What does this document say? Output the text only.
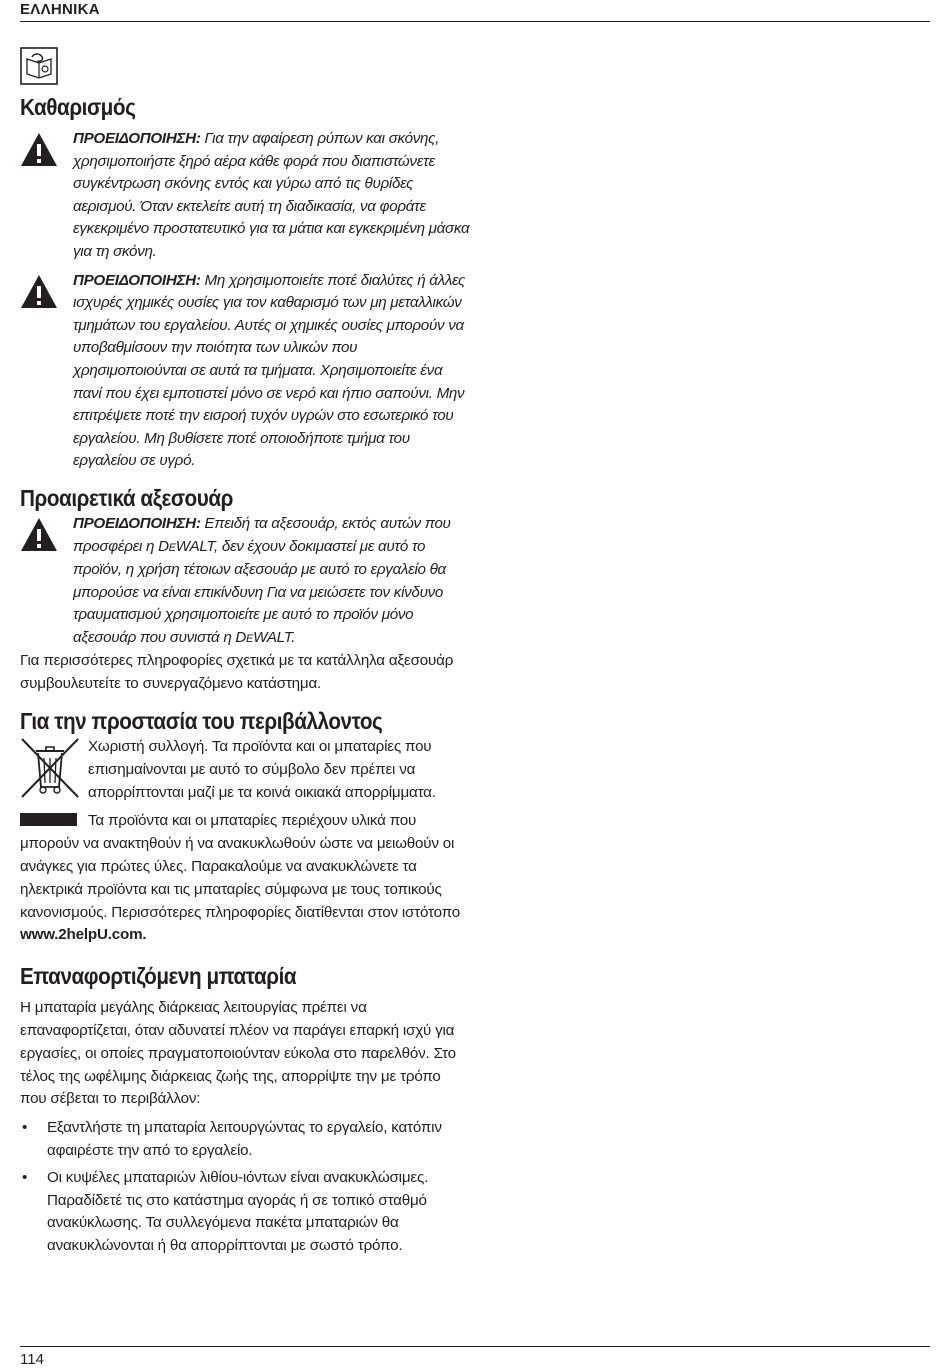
ΕΛΛΗΝΙΚΑ
Καθαρισμός

ΠΡΟΕΙΔΟΠΟΙΗΣΗ: Για την αφαίρεση ρύπων και σκόνης, χρησιμοποιήστε ξηρό αέρα κάθε φορά που διαπιστώνετε συγκέντρωση σκόνης εντός και γύρω από τις θυρίδες αερισμού. Όταν εκτελείτε αυτή τη διαδικασία, να φοράτε εγκεκριμένο προστατευτικό για τα μάτια και εγκεκριμένη μάσκα για τη σκόνη.

ΠΡΟΕΙΔΟΠΟΙΗΣΗ: Μη χρησιμοποιείτε ποτέ διαλύτες ή άλλες ισχυρές χημικές ουσίες για τον καθαρισμό των μη μεταλλικών τμημάτων του εργαλείου. Αυτές οι χημικές ουσίες μπορούν να υποβαθμίσουν την ποιότητα των υλικών που χρησιμοποιούνται σε αυτά τα τμήματα. Χρησιμοποιείτε ένα πανί που έχει εμποτιστεί μόνο σε νερό και ήπιο σαπούνι. Μην επιτρέψετε ποτέ την εισροή τυχόν υγρών στο εσωτερικό του εργαλείου. Μη βυθίσετε ποτέ οποιοδήποτε τμήμα του εργαλείου σε υγρό.

Προαιρετικά αξεσουάρ

ΠΡΟΕΙΔΟΠΟΙΗΣΗ: Επειδή τα αξεσουάρ, εκτός αυτών που προσφέρει η DEWALT, δεν έχουν δοκιμαστεί με αυτό το προϊόν, η χρήση τέτοιων αξεσουάρ με αυτό το εργαλείο θα μπορούσε να είναι επικίνδυνη Για να μειώσετε τον κίνδυνο τραυματισμού χρησιμοποιείτε με αυτό το προϊόν μόνο αξεσουάρ που συνιστά η DEWALT.

Για περισσότερες πληροφορίες σχετικά με τα κατάλληλα αξεσουάρ συμβουλευτείτε το συνεργαζόμενο κατάστημα.

Για την προστασία του περιβάλλοντος

Χωριστή συλλογή. Τα προϊόντα και οι μπαταρίες που επισημαίνονται με αυτό το σύμβολο δεν πρέπει να απορρίπτονται μαζί με τα κοινά οικιακά απορρίμματα.

Τα προϊόντα και οι μπαταρίες περιέχουν υλικά που μπορούν να ανακτηθούν ή να ανακυκλωθούν ώστε να μειωθούν οι ανάγκες για πρώτες ύλες. Παρακαλούμε να ανακυκλώνετε τα ηλεκτρικά προϊόντα και τις μπαταρίες σύμφωνα με τους τοπικούς κανονισμούς. Περισσότερες πληροφορίες διατίθενται στον ιστότοπο www.2helpU.com.

Επαναφορτιζόμενη μπαταρία

Η μπαταρία μεγάλης διάρκειας λειτουργίας πρέπει να επαναφορτίζεται, όταν αδυνατεί πλέον να παράγει επαρκή ισχύ για εργασίες, οι οποίες πραγματοποιούνταν εύκολα στο παρελθόν. Στο τέλος της ωφέλιμης διάρκειας ζωής της, απορρίψτε την με τρόπο που σέβεται το περιβάλλον:

• Εξαντλήστε τη μπαταρία λειτουργώντας το εργαλείο, κατόπιν αφαιρέστε την από το εργαλείο.
• Οι κυψέλες μπαταριών λιθίου-ιόντων είναι ανακυκλώσιμες. Παραδίδετέ τις στο κατάστημα αγοράς ή σε τοπικό σταθμό ανακύκλωσης. Τα συλλεγόμενα πακέτα μπαταριών θα ανακυκλώνονται ή θα απορρίπτονται με σωστό τρόπο.
114
